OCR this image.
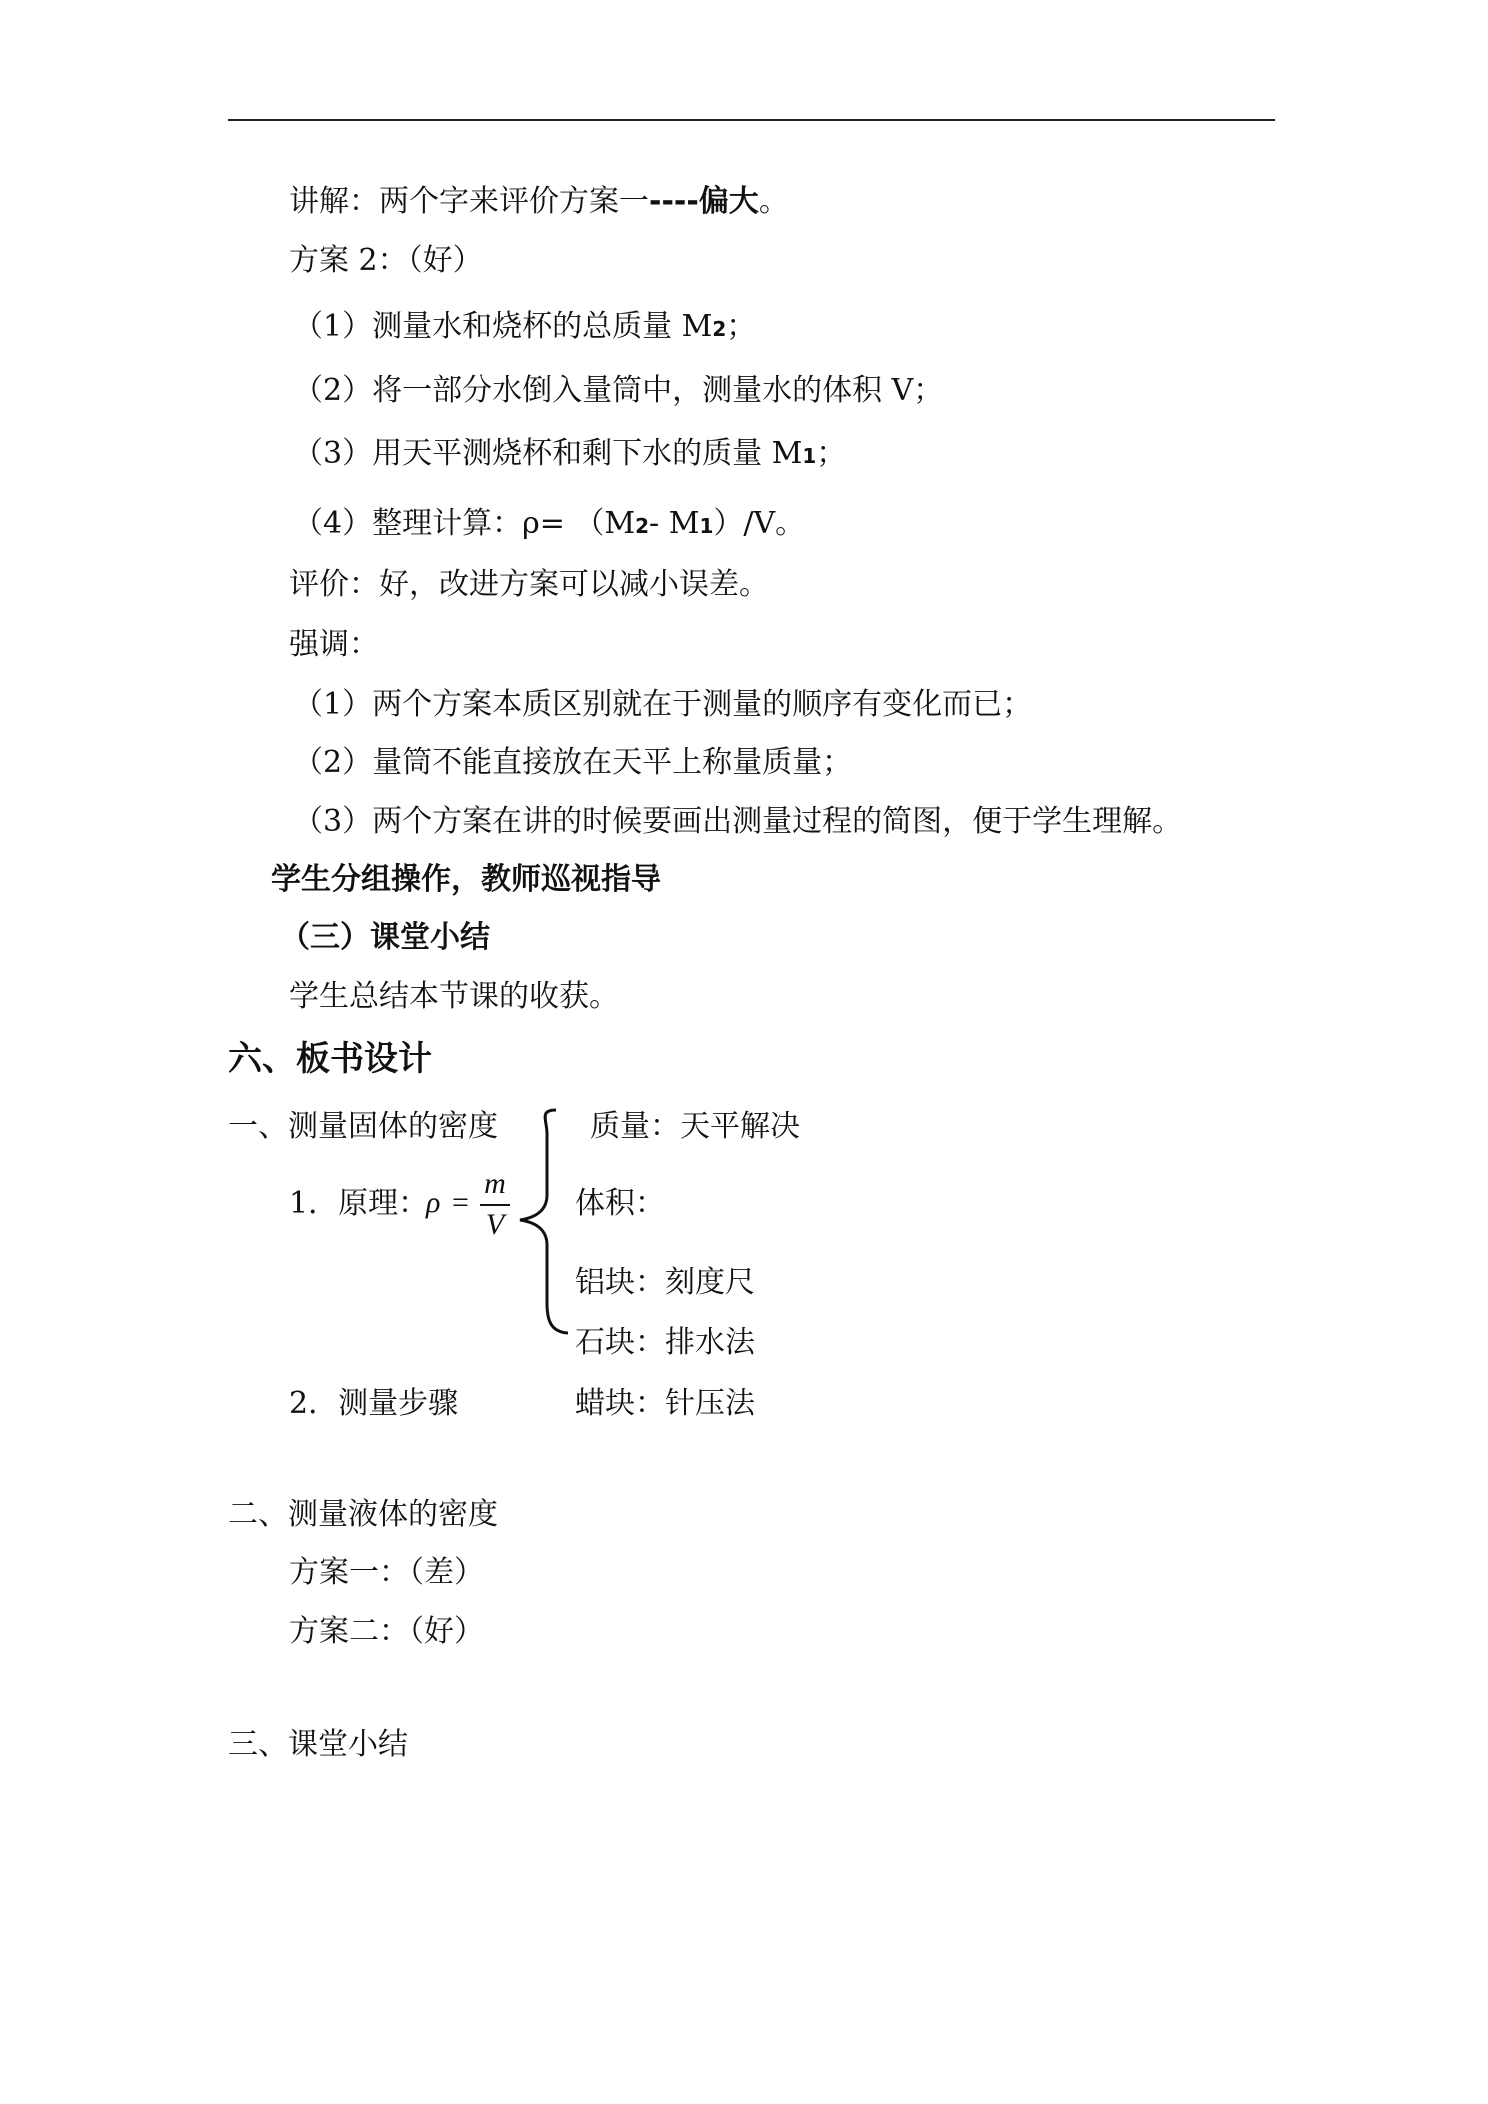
讲解：两个字来评价方案一----偏大。
方案 2：（好）
（1）测量水和烧杯的总质量 M2；
（2）将一部分水倒入量筒中，测量水的体积 V；
（3）用天平测烧杯和剩下水的质量 M1；
（4）整理计算：ρ= （M2- M1）/V。
评价：好，改进方案可以减小误差。
强调：
（1）两个方案本质区别就在于测量的顺序有变化而已；
（2）量筒不能直接放在天平上称量质量；
（3）两个方案在讲的时候要画出测量过程的简图，便于学生理解。
学生分组操作，教师巡视指导
（三）课堂小结
学生总结本节课的收获。
六、板书设计
一、测量固体的密度
1．原理：
ρ =
m
V
质量：天平解决
体积：
铝块：刻度尺
石块：排水法
2．测量步骤	蜡块：针压法
二、测量液体的密度
方案一：（差）
方案二：（好）
三、课堂小结
